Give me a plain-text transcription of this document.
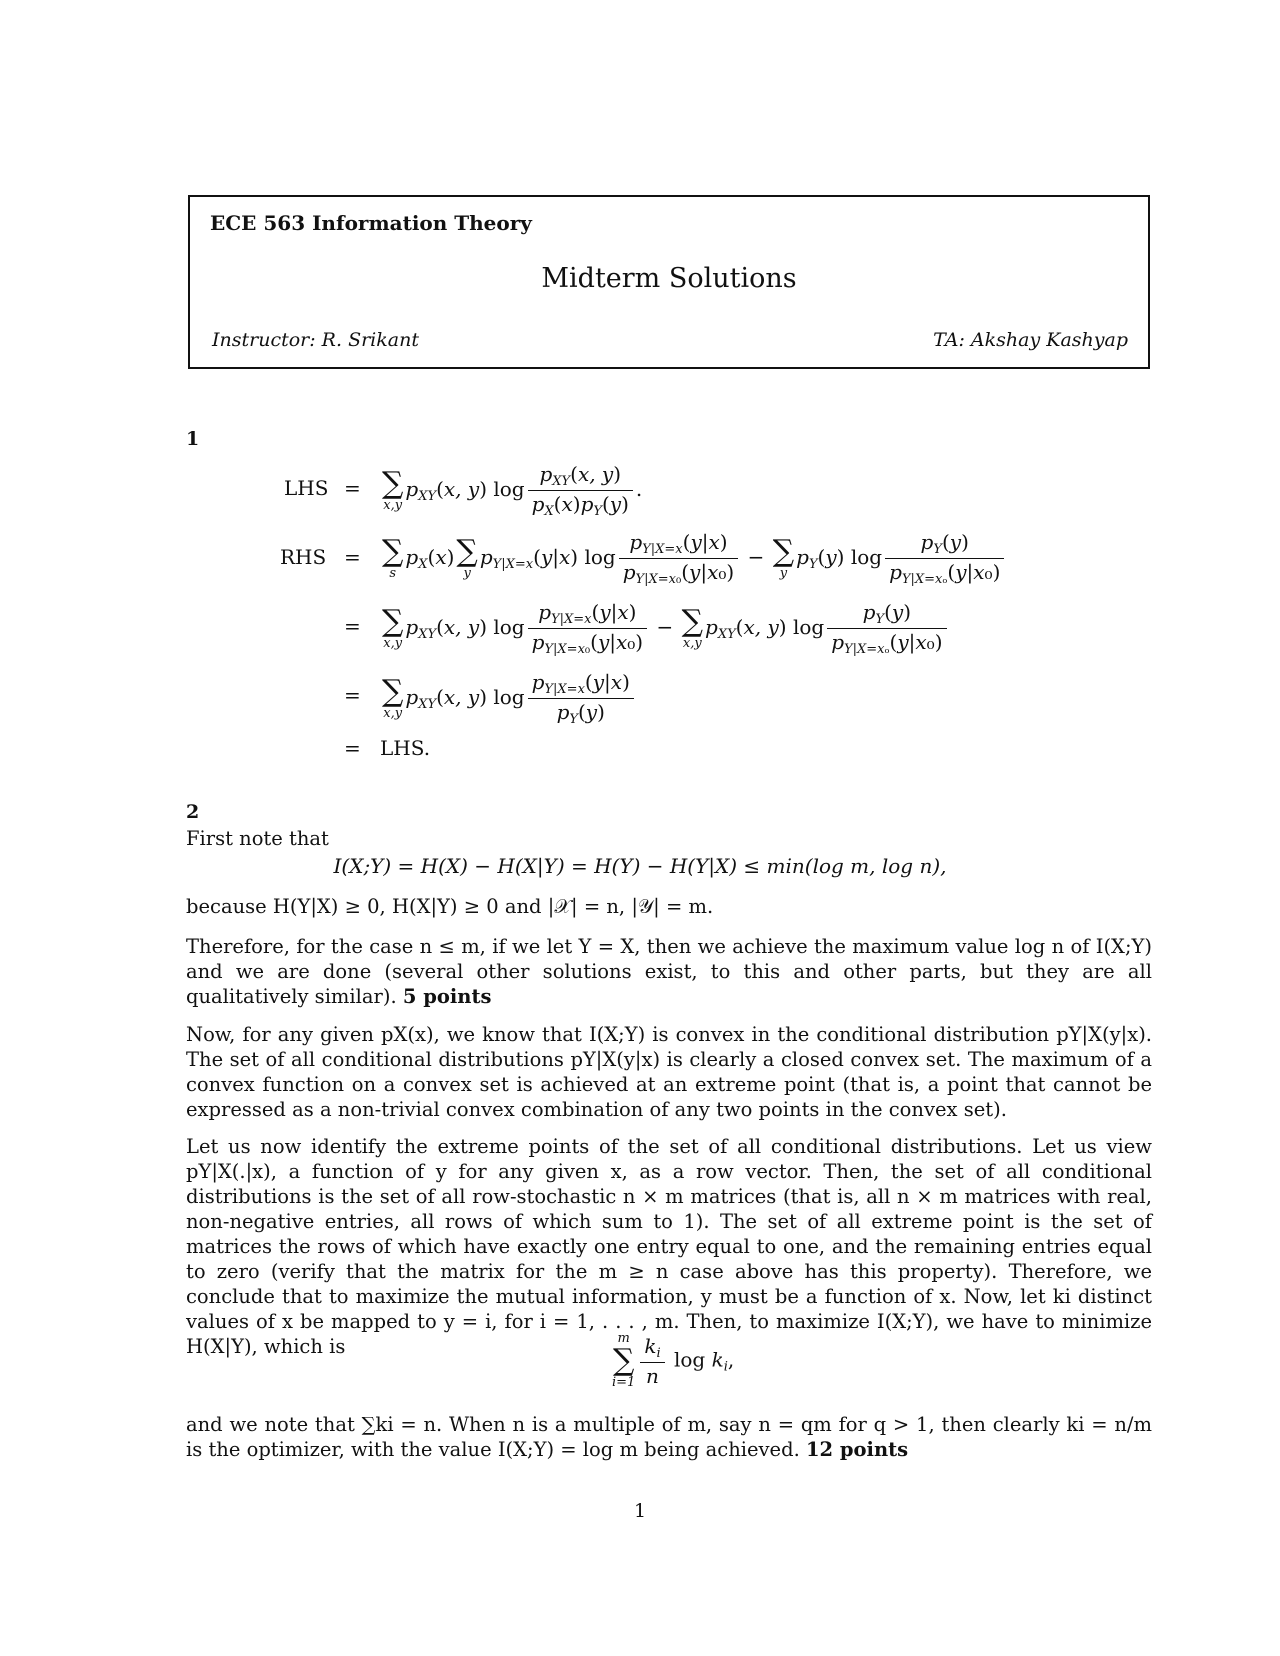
ECE 563 Information Theory
Midterm Solutions
Instructor: R. Srikant	TA: Akshay Kashyap
1
LHS = ∑
x,y
$p_{XY}(x$, y) $\log \frac{p_{XY}(x, y)}{p_X(x)p_Y(y)}$ .
RHS = ∑
s
$p_X(x)$ ∑
y
$p_{Y|X=x}(y|x)$ $\log \frac{p_{Y|X=x}(y|x)}{p_{Y|X=x_0}(y|x_0)}$ − ∑
y
$p_Y(y)$ $\log \frac{p_Y(y)}{p_{Y|X=x_o}(y|x_0)}$
= ∑
x,y
$p_{XY}(x$, y) $\log \frac{p_{Y|X=x}(y|x)}{p_{Y|X=x_0}(y|x_0)}$ − ∑
x,y
$p_{XY}(x$, y) $\log \frac{p_Y(y)}{p_{Y|X=x_o}(y|x_0)}$
= ∑
x,y
$p_{XY}(x$, y) $\log \frac{p_{Y|X=x}(y|x)}{p_Y(y)}$
= LHS.
2
First note that
I(X;Y) = H(X) − H(X|Y) = H(Y) − H(Y|X) ≤ min(log m, log n),
because H(Y|X) ≥ 0, H(X|Y) ≥ 0 and |𝒳| = n, |𝒴| = m.
Therefore, for the case n ≤ m, if we let Y = X, then we achieve the maximum value log n of I(X;Y) and we are done (several other solutions exist, to this and other parts, but they are all qualitatively similar). 5 points
Now, for any given pX(x), we know that I(X;Y) is convex in the conditional distribution pY|X(y|x). The set of all conditional distributions pY|X(y|x) is clearly a closed convex set. The maximum of a convex function on a convex set is achieved at an extreme point (that is, a point that cannot be expressed as a non-trivial convex combination of any two points in the convex set).
Let us now identify the extreme points of the set of all conditional distributions. Let us view pY|X(.|x), a function of y for any given x, as a row vector. Then, the set of all conditional distributions is the set of all row-stochastic n × m matrices (that is, all n × m matrices with real, non-negative entries, all rows of which sum to 1). The set of all extreme point is the set of matrices the rows of which have exactly one entry equal to one, and the remaining entries equal to zero (verify that the matrix for the m ≥ n case above has this property). Therefore, we conclude that to maximize the mutual information, y must be a function of x. Now, let ki distinct values of x be mapped to y = i, for i = 1, . . . , m. Then, to maximize I(X;Y), we have to minimize H(X|Y), which is	m
∑
$i=1 \frac{k_i}{n}$ $\log k_i$,
and we note that ∑ki = n. When n is a multiple of m, say n = qm for q > 1, then clearly ki = n/m is the optimizer, with the value I(X;Y) = log m being achieved. 12 points
1
